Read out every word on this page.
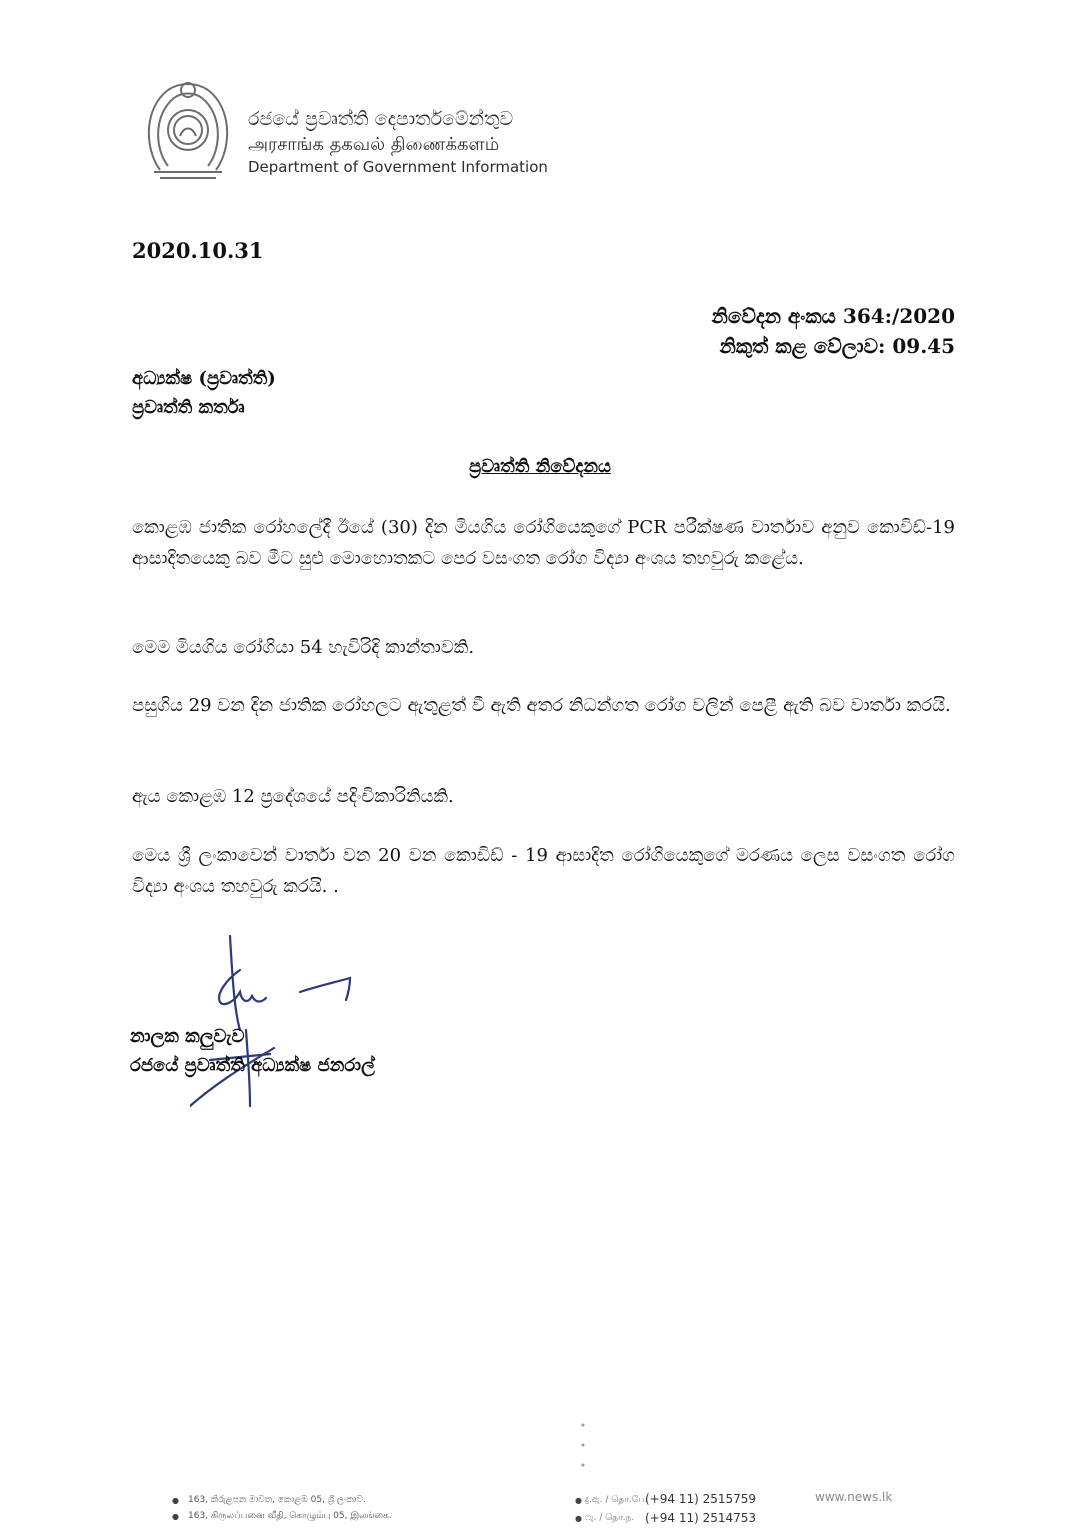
රජයේ ප්‍රවෘත්ති දෙපාර්තමේන්තුව
அரசாங்க தகவல் திணைக்களம்
Department of Government Information
2020.10.31
නිවේදන අංකය 364:/2020
නිකුත් කළ වේලාව: 09.45
අධ්‍යක්ෂ (ප්‍රවෘත්ති)
ප්‍රවෘත්ති කර්තෘ
ප්‍රවෘත්ති නිවේදනය
කොළඹ ජාතික රෝහලේදී ඊයේ (30) දින මියගිය රෝගියෙකුගේ PCR පරීක්ෂණ වාර්තාව අනුව කොවිඩ්-19 ආසාදිතයෙකු බව මීට සුළු මොහොතකට පෙර වසංගත රෝග විද්‍යා අංශය තහවුරු කළේය.
මෙම මියගිය රෝගියා 54 හැවිරිදි කාන්තාවකි.
පසුගිය 29 වන දින ජාතික රෝහලට ඇතුළත් වී ඇති අතර නිධන්ගත රෝග වලින් පෙළී ඇති බව වාර්තා කරයි.
ඇය කොළඹ 12 ප්‍රදේශයේ පදිංචිකාරිනියකි.
මෙය ශ්‍රී ලංකාවෙන් වාර්තා වන 20 වන කොඩිඩ් - 19 ආසාදිත රෝගියෙකුගේ මරණය ලෙස වසංගත රෝග විද්‍යා අංශය තහවුරු කරයි. .
නාලක කලුවැව
රජයේ ප්‍රවෘත්ති අධ්‍යක්ෂ ජනරාල්
●
●
163, කිරුළපන මාවත, කොළඹ 05, ශ්‍රී ලංකාව.
163, கிருலப்பனை வீதி, கொழும்பு 05, இலங்கை.
●
●
දු.ඇ. / தொ.பே.
ෆැ. / தொ.ந.
(+94 11) 2515759
(+94 11) 2514753
www.news.lk
